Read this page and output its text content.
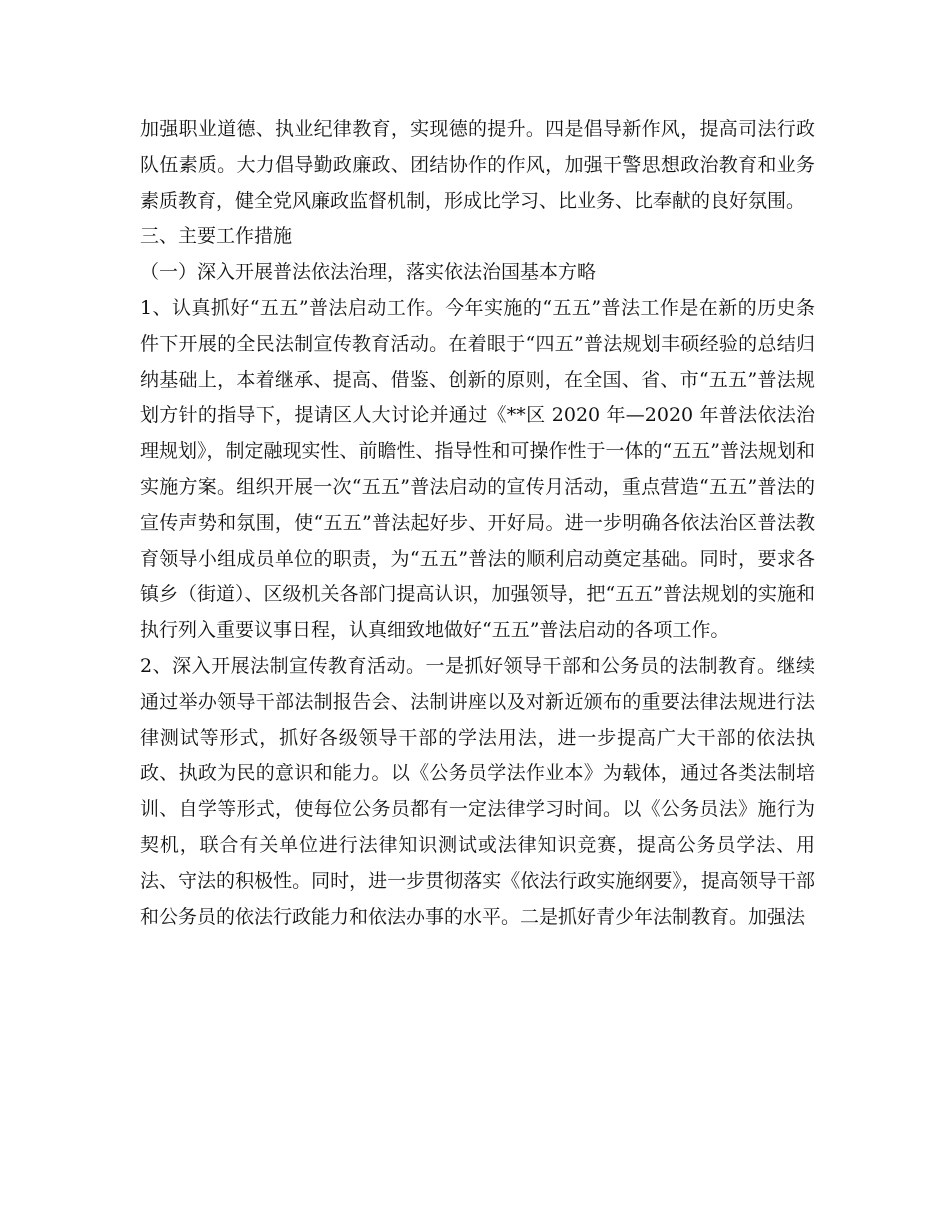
加强职业道德、执业纪律教育，实现德的提升。四是倡导新作风，提高司法行政队伍素质。大力倡导勤政廉政、团结协作的作风，加强干警思想政治教育和业务素质教育，健全党风廉政监督机制，形成比学习、比业务、比奉献的良好氛围。

三、主要工作措施

（一）深入开展普法依法治理，落实依法治国基本方略

1、认真抓好“五五”普法启动工作。今年实施的“五五”普法工作是在新的历史条件下开展的全民法制宣传教育活动。在着眼于“四五”普法规划丰硕经验的总结归纳基础上，本着继承、提高、借鉴、创新的原则，在全国、省、市“五五”普法规划方针的指导下，提请区人大讨论并通过《**区 2020 年—2020 年普法依法治理规划》，制定融现实性、前瞻性、指导性和可操作性于一体的“五五”普法规划和实施方案。组织开展一次“五五”普法启动的宣传月活动，重点营造“五五”普法的宣传声势和氛围，使“五五”普法起好步、开好局。进一步明确各依法治区普法教育领导小组成员单位的职责，为“五五”普法的顺利启动奠定基础。同时，要求各镇乡（街道）、区级机关各部门提高认识，加强领导，把“五五”普法规划的实施和执行列入重要议事日程，认真细致地做好“五五”普法启动的各项工作。

2、深入开展法制宣传教育活动。一是抓好领导干部和公务员的法制教育。继续通过举办领导干部法制报告会、法制讲座以及对新近颁布的重要法律法规进行法律测试等形式，抓好各级领导干部的学法用法，进一步提高广大干部的依法执政、执政为民的意识和能力。以《公务员学法作业本》为载体，通过各类法制培训、自学等形式，使每位公务员都有一定法律学习时间。以《公务员法》施行为契机，联合有关单位进行法律知识测试或法律知识竞赛，提高公务员学法、用法、守法的积极性。同时，进一步贯彻落实《依法行政实施纲要》，提高领导干部和公务员的依法行政能力和依法办事的水平。二是抓好青少年法制教育。加强法
